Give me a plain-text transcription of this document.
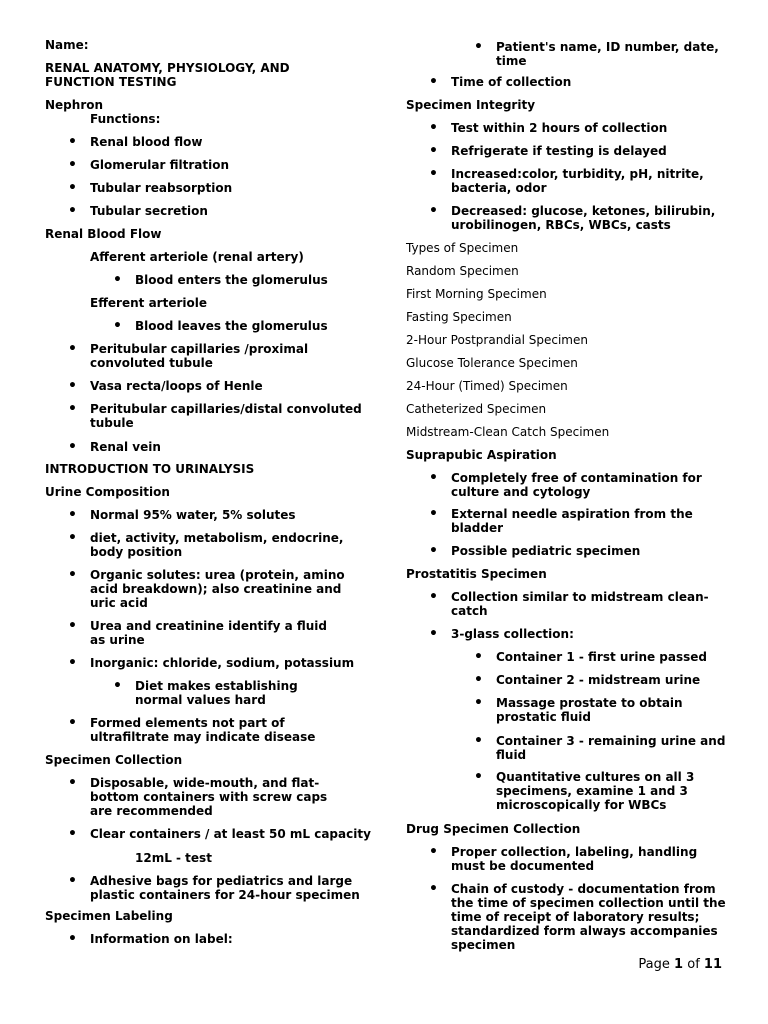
Name:
RENAL ANATOMY, PHYSIOLOGY, AND FUNCTION TESTING
Nephron
Functions:
• Renal blood flow
• Glomerular filtration
• Tubular reabsorption
• Tubular secretion
Renal Blood Flow
Afferent arteriole (renal artery)
• Blood enters the glomerulus
Efferent arteriole
• Blood leaves the glomerulus
• Peritubular capillaries /proximal convoluted tubule
• Vasa recta/loops of Henle
• Peritubular capillaries/distal convoluted tubule
• Renal vein
INTRODUCTION TO URINALYSIS
Urine Composition
• Normal 95% water, 5% solutes
• diet, activity, metabolism, endocrine, body position
• Organic solutes: urea (protein, amino acid breakdown); also creatinine and uric acid
• Urea and creatinine identify a fluid as urine
• Inorganic: chloride, sodium, potassium
• Diet makes establishing normal values hard
• Formed elements not part of ultrafiltrate may indicate disease
Specimen Collection
• Disposable, wide-mouth, and flat-bottom containers with screw caps are recommended
• Clear containers / at least 50 mL capacity
12mL - test
• Adhesive bags for pediatrics and large plastic containers for 24-hour specimen
Specimen Labeling
• Information on label:
• Patient's name, ID number, date, time
• Time of collection
Specimen Integrity
• Test within 2 hours of collection
• Refrigerate if testing is delayed
• Increased:color, turbidity, pH, nitrite, bacteria, odor
• Decreased: glucose, ketones, bilirubin, urobilinogen, RBCs, WBCs, casts
Types of Specimen
Random Specimen
First Morning Specimen
Fasting Specimen
2-Hour Postprandial Specimen
Glucose Tolerance Specimen
24-Hour (Timed) Specimen
Catheterized Specimen
Midstream-Clean Catch Specimen
Suprapubic Aspiration
• Completely free of contamination for culture and cytology
• External needle aspiration from the bladder
• Possible pediatric specimen
Prostatitis Specimen
• Collection similar to midstream clean-catch
• 3-glass collection:
• Container 1 - first urine passed
• Container 2 - midstream urine
• Massage prostate to obtain prostatic fluid
• Container 3 - remaining urine and fluid
• Quantitative cultures on all 3 specimens, examine 1 and 3 microscopically for WBCs
Drug Specimen Collection
• Proper collection, labeling, handling must be documented
• Chain of custody - documentation from the time of specimen collection until the time of receipt of laboratory results; standardized form always accompanies specimen
Page 1 of 11
